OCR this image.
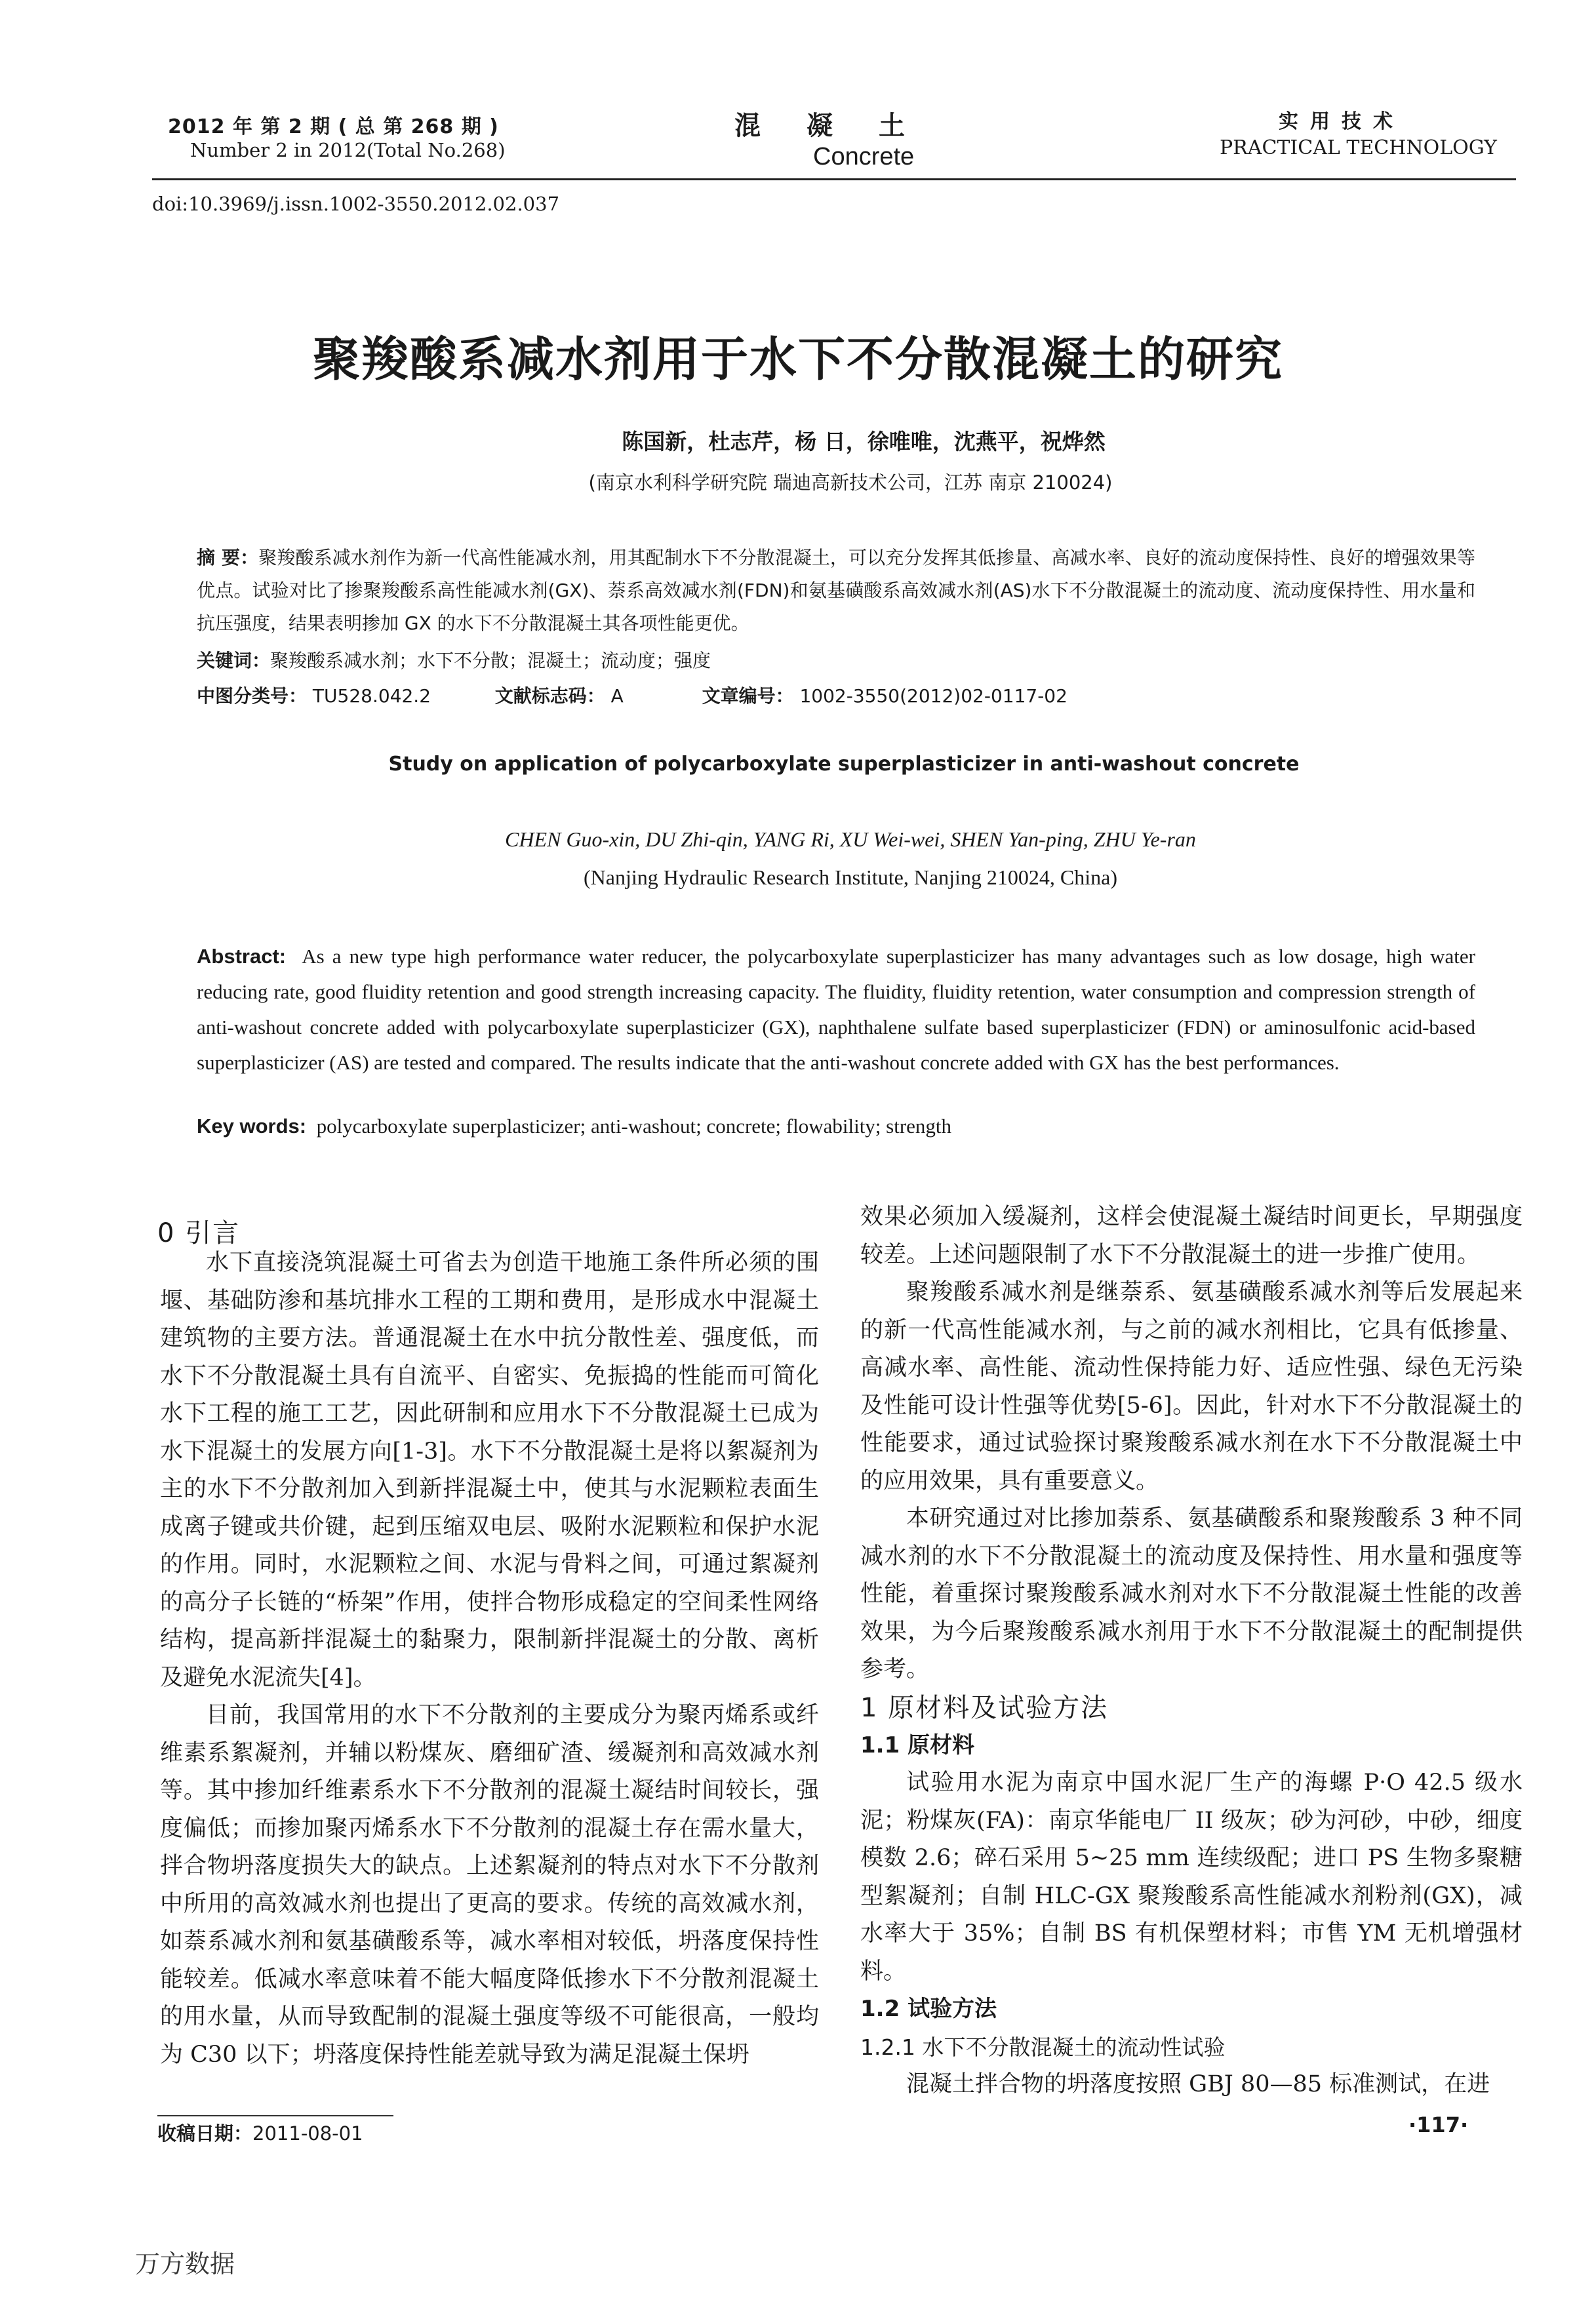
2012 年 第 2 期 ( 总 第 268 期 )
Number 2 in 2012(Total No.268)
混凝土
Concrete
实用技术
PRACTICAL TECHNOLOGY
doi:10.3969/j.issn.1002-3550.2012.02.037
聚羧酸系减水剂用于水下不分散混凝土的研究
陈国新，杜志芹，杨 日，徐唯唯，沈燕平，祝烨然
(南京水利科学研究院 瑞迪高新技术公司，江苏 南京 210024)
摘 要：聚羧酸系减水剂作为新一代高性能减水剂，用其配制水下不分散混凝土，可以充分发挥其低掺量、高减水率、良好的流动度保持性、良好的增强效果等优点。试验对比了掺聚羧酸系高性能减水剂(GX)、萘系高效减水剂(FDN)和氨基磺酸系高效减水剂(AS)水下不分散混凝土的流动度、流动度保持性、用水量和抗压强度，结果表明掺加 GX 的水下不分散混凝土其各项性能更优。
关键词：聚羧酸系减水剂；水下不分散；混凝土；流动度；强度
中图分类号： TU528.042.2	文献标志码： A	文章编号： 1002-3550(2012)02-0117-02
Study on application of polycarboxylate superplasticizer in anti-washout concrete
CHEN Guo-xin, DU Zhi-qin, YANG Ri, XU Wei-wei, SHEN Yan-ping, ZHU Ye-ran
(Nanjing Hydraulic Research Institute, Nanjing 210024, China)
Abstract: As a new type high performance water reducer, the polycarboxylate superplasticizer has many advantages such as low dosage, high water reducing rate, good fluidity retention and good strength increasing capacity. The fluidity, fluidity retention, water consumption and compression strength of anti-washout concrete added with polycarboxylate superplasticizer (GX), naphthalene sulfate based superplasticizer (FDN) or aminosulfonic acid-based superplasticizer (AS) are tested and compared. The results indicate that the anti-washout concrete added with GX has the best performances.
Key words: polycarboxylate superplasticizer; anti-washout; concrete; flowability; strength
0 引言

水下直接浇筑混凝土可省去为创造干地施工条件所必须的围堰、基础防渗和基坑排水工程的工期和费用，是形成水中混凝土建筑物的主要方法。普通混凝土在水中抗分散性差、强度低，而水下不分散混凝土具有自流平、自密实、免振捣的性能而可简化水下工程的施工工艺，因此研制和应用水下不分散混凝土已成为水下混凝土的发展方向[1-3]。水下不分散混凝土是将以絮凝剂为主的水下不分散剂加入到新拌混凝土中，使其与水泥颗粒表面生成离子键或共价键，起到压缩双电层、吸附水泥颗粒和保护水泥的作用。同时，水泥颗粒之间、水泥与骨料之间，可通过絮凝剂的高分子长链的“桥架”作用，使拌合物形成稳定的空间柔性网络结构，提高新拌混凝土的黏聚力，限制新拌混凝土的分散、离析及避免水泥流失[4]。

目前，我国常用的水下不分散剂的主要成分为聚丙烯系或纤维素系絮凝剂，并辅以粉煤灰、磨细矿渣、缓凝剂和高效减水剂等。其中掺加纤维素系水下不分散剂的混凝土凝结时间较长，强度偏低；而掺加聚丙烯系水下不分散剂的混凝土存在需水量大，拌合物坍落度损失大的缺点。上述絮凝剂的特点对水下不分散剂中所用的高效减水剂也提出了更高的要求。传统的高效减水剂，如萘系减水剂和氨基磺酸系等，减水率相对较低，坍落度保持性能较差。低减水率意味着不能大幅度降低掺水下不分散剂混凝土的用水量，从而导致配制的混凝土强度等级不可能很高，一般均为 C30 以下；坍落度保持性能差就导致为满足混凝土保坍

效果必须加入缓凝剂，这样会使混凝土凝结时间更长，早期强度较差。上述问题限制了水下不分散混凝土的进一步推广使用。

聚羧酸系减水剂是继萘系、氨基磺酸系减水剂等后发展起来的新一代高性能减水剂，与之前的减水剂相比，它具有低掺量、高减水率、高性能、流动性保持能力好、适应性强、绿色无污染及性能可设计性强等优势[5-6]。因此，针对水下不分散混凝土的性能要求，通过试验探讨聚羧酸系减水剂在水下不分散混凝土中的应用效果，具有重要意义。

本研究通过对比掺加萘系、氨基磺酸系和聚羧酸系 3 种不同减水剂的水下不分散混凝土的流动度及保持性、用水量和强度等性能，着重探讨聚羧酸系减水剂对水下不分散混凝土性能的改善效果，为今后聚羧酸系减水剂用于水下不分散混凝土的配制提供参考。

1 原材料及试验方法

1.1 原材料

试验用水泥为南京中国水泥厂生产的海螺 P·O 42.5 级水泥；粉煤灰(FA)：南京华能电厂 II 级灰；砂为河砂，中砂，细度模数 2.6；碎石采用 5~25 mm 连续级配；进口 PS 生物多聚糖型絮凝剂；自制 HLC-GX 聚羧酸系高性能减水剂粉剂(GX)，减水率大于 35%；自制 BS 有机保塑材料；市售 YM 无机增强材料。

1.2 试验方法

1.2.1 水下不分散混凝土的流动性试验

混凝土拌合物的坍落度按照 GBJ 80—85 标准测试，在进

收稿日期：2011-08-01	·117·
万方数据
